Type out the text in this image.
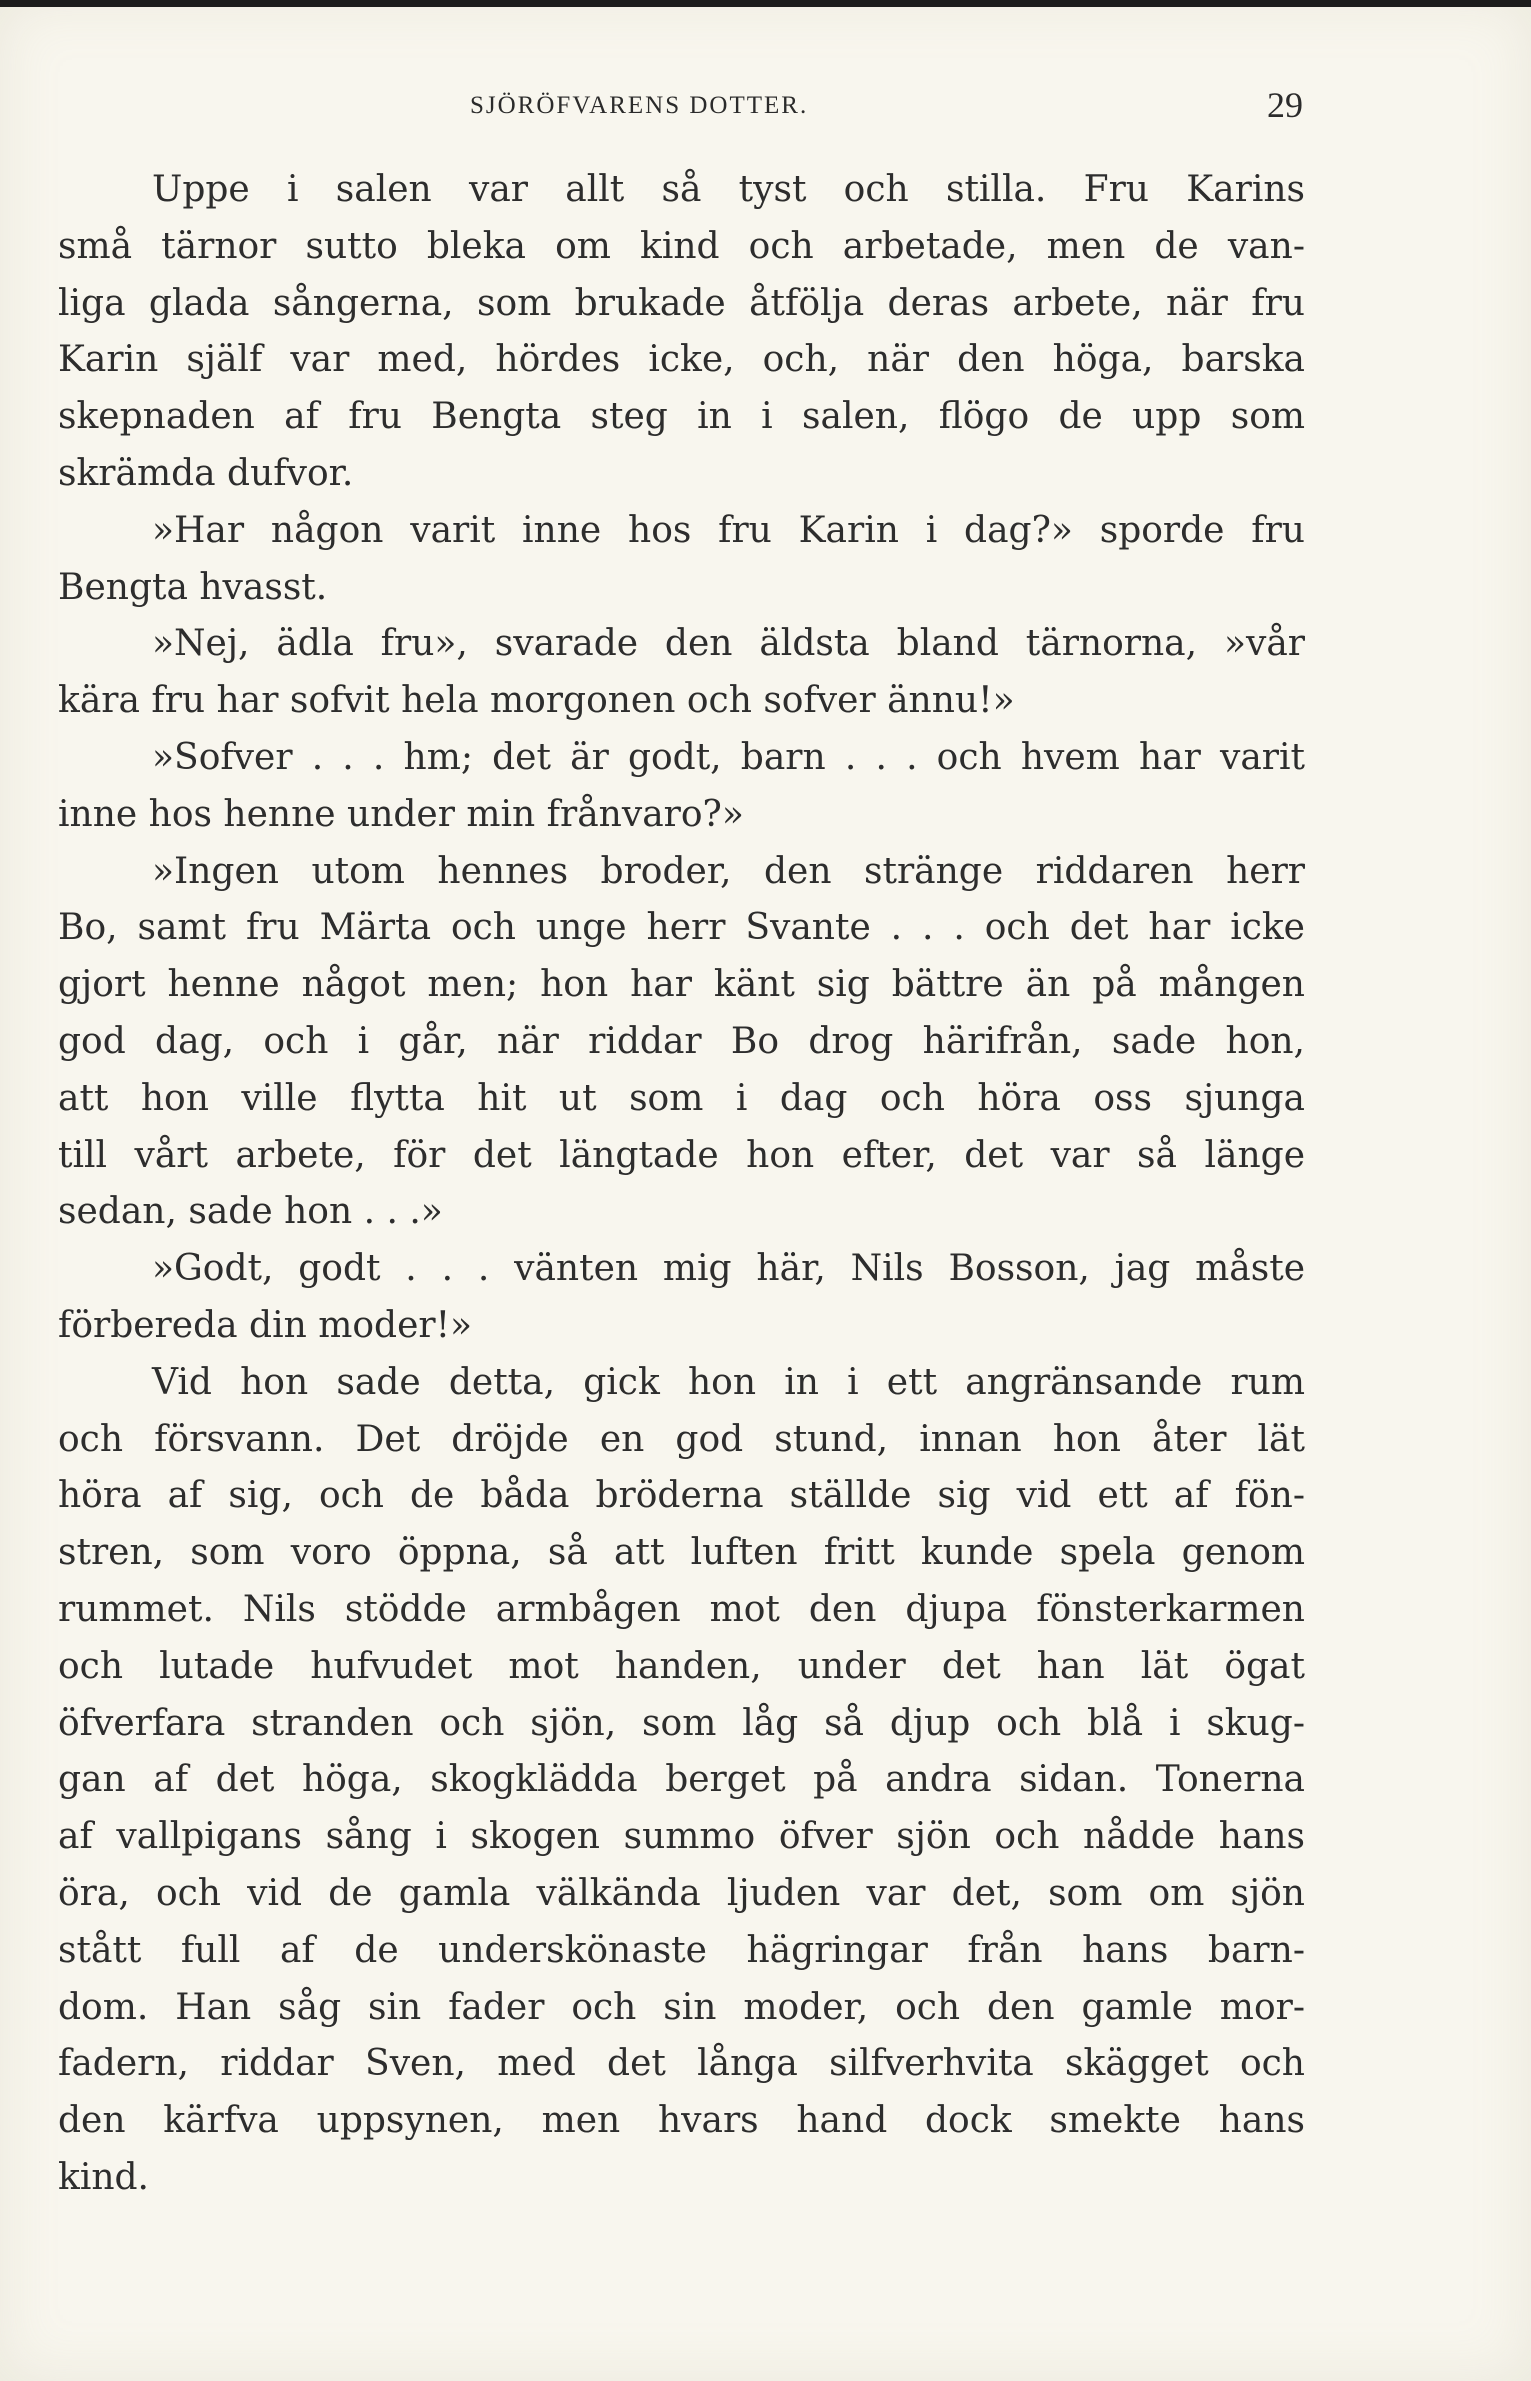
SJÖRÖFVARENS DOTTER.	29
Uppe i salen var allt så tyst och stilla. Fru Karins
små tärnor sutto bleka om kind och arbetade, men de van-
liga glada sångerna, som brukade åtfölja deras arbete, när fru
Karin själf var med, hördes icke, och, när den höga, barska
skepnaden af fru Bengta steg in i salen, flögo de upp som
skrämda dufvor.
»Har någon varit inne hos fru Karin i dag?» sporde fru
Bengta hvasst.
»Nej, ädla fru», svarade den äldsta bland tärnorna, »vår
kära fru har sofvit hela morgonen och sofver ännu!»
»Sofver . . . hm; det är godt, barn . . . och hvem har varit
inne hos henne under min frånvaro?»
»Ingen utom hennes broder, den stränge riddaren herr
Bo, samt fru Märta och unge herr Svante . . . och det har icke
gjort henne något men; hon har känt sig bättre än på mången
god dag, och i går, när riddar Bo drog härifrån, sade hon,
att hon ville flytta hit ut som i dag och höra oss sjunga
till vårt arbete, för det längtade hon efter, det var så länge
sedan, sade hon . . .»
»Godt, godt . . . vänten mig här, Nils Bosson, jag måste
förbereda din moder!»
Vid hon sade detta, gick hon in i ett angränsande rum
och försvann. Det dröjde en god stund, innan hon åter lät
höra af sig, och de båda bröderna ställde sig vid ett af fön-
stren, som voro öppna, så att luften fritt kunde spela genom
rummet. Nils stödde armbågen mot den djupa fönsterkarmen
och lutade hufvudet mot handen, under det han lät ögat
öfverfara stranden och sjön, som låg så djup och blå i skug-
gan af det höga, skogklädda berget på andra sidan. Tonerna
af vallpigans sång i skogen summo öfver sjön och nådde hans
öra, och vid de gamla välkända ljuden var det, som om sjön
stått full af de underskönaste hägringar från hans barn-
dom. Han såg sin fader och sin moder, och den gamle mor-
fadern, riddar Sven, med det långa silfverhvita skägget och
den kärfva uppsynen, men hvars hand dock smekte hans
kind.
